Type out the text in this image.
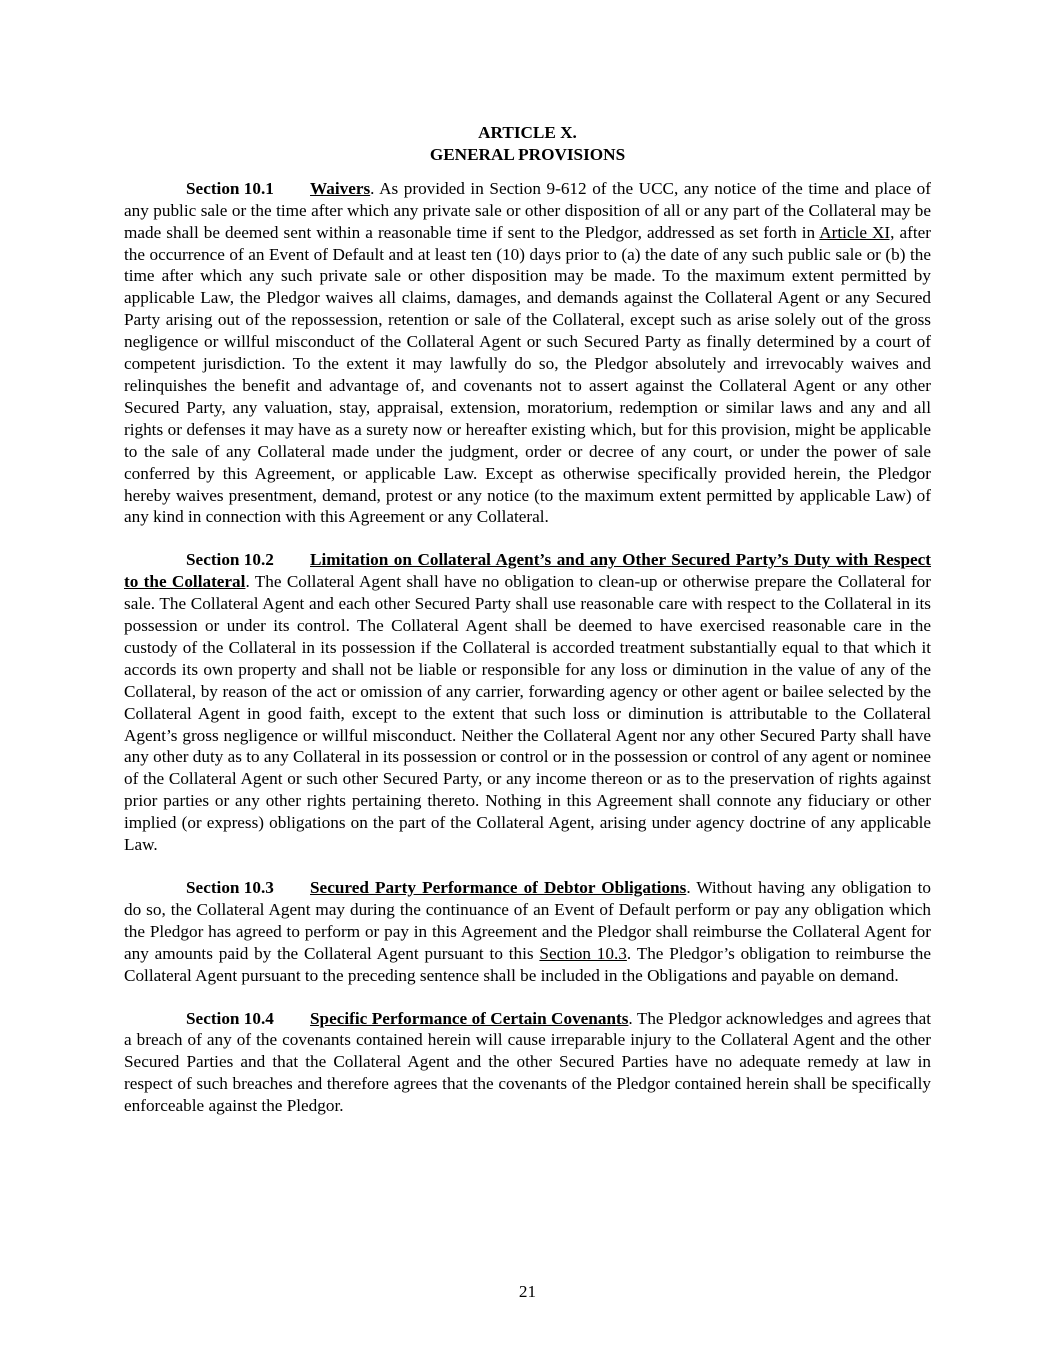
ARTICLE X.

GENERAL PROVISIONS

Section 10.1 Waivers. As provided in Section 9-612 of the UCC, any notice of the time and place of any public sale or the time after which any private sale or other disposition of all or any part of the Collateral may be made shall be deemed sent within a reasonable time if sent to the Pledgor, addressed as set forth in Article XI, after the occurrence of an Event of Default and at least ten (10) days prior to (a) the date of any such public sale or (b) the time after which any such private sale or other disposition may be made. To the maximum extent permitted by applicable Law, the Pledgor waives all claims, damages, and demands against the Collateral Agent or any Secured Party arising out of the repossession, retention or sale of the Collateral, except such as arise solely out of the gross negligence or willful misconduct of the Collateral Agent or such Secured Party as finally determined by a court of competent jurisdiction. To the extent it may lawfully do so, the Pledgor absolutely and irrevocably waives and relinquishes the benefit and advantage of, and covenants not to assert against the Collateral Agent or any other Secured Party, any valuation, stay, appraisal, extension, moratorium, redemption or similar laws and any and all rights or defenses it may have as a surety now or hereafter existing which, but for this provision, might be applicable to the sale of any Collateral made under the judgment, order or decree of any court, or under the power of sale conferred by this Agreement, or applicable Law. Except as otherwise specifically provided herein, the Pledgor hereby waives presentment, demand, protest or any notice (to the maximum extent permitted by applicable Law) of any kind in connection with this Agreement or any Collateral.

Section 10.2 Limitation on Collateral Agent’s and any Other Secured Party’s Duty with Respect to the Collateral. The Collateral Agent shall have no obligation to clean-up or otherwise prepare the Collateral for sale. The Collateral Agent and each other Secured Party shall use reasonable care with respect to the Collateral in its possession or under its control. The Collateral Agent shall be deemed to have exercised reasonable care in the custody of the Collateral in its possession if the Collateral is accorded treatment substantially equal to that which it accords its own property and shall not be liable or responsible for any loss or diminution in the value of any of the Collateral, by reason of the act or omission of any carrier, forwarding agency or other agent or bailee selected by the Collateral Agent in good faith, except to the extent that such loss or diminution is attributable to the Collateral Agent’s gross negligence or willful misconduct. Neither the Collateral Agent nor any other Secured Party shall have any other duty as to any Collateral in its possession or control or in the possession or control of any agent or nominee of the Collateral Agent or such other Secured Party, or any income thereon or as to the preservation of rights against prior parties or any other rights pertaining thereto. Nothing in this Agreement shall connote any fiduciary or other implied (or express) obligations on the part of the Collateral Agent, arising under agency doctrine of any applicable Law.

Section 10.3 Secured Party Performance of Debtor Obligations. Without having any obligation to do so, the Collateral Agent may during the continuance of an Event of Default perform or pay any obligation which the Pledgor has agreed to perform or pay in this Agreement and the Pledgor shall reimburse the Collateral Agent for any amounts paid by the Collateral Agent pursuant to this Section 10.3. The Pledgor’s obligation to reimburse the Collateral Agent pursuant to the preceding sentence shall be included in the Obligations and payable on demand.

Section 10.4 Specific Performance of Certain Covenants. The Pledgor acknowledges and agrees that a breach of any of the covenants contained herein will cause irreparable injury to the Collateral Agent and the other Secured Parties and that the Collateral Agent and the other Secured Parties have no adequate remedy at law in respect of such breaches and therefore agrees that the covenants of the Pledgor contained herein shall be specifically enforceable against the Pledgor.

21
